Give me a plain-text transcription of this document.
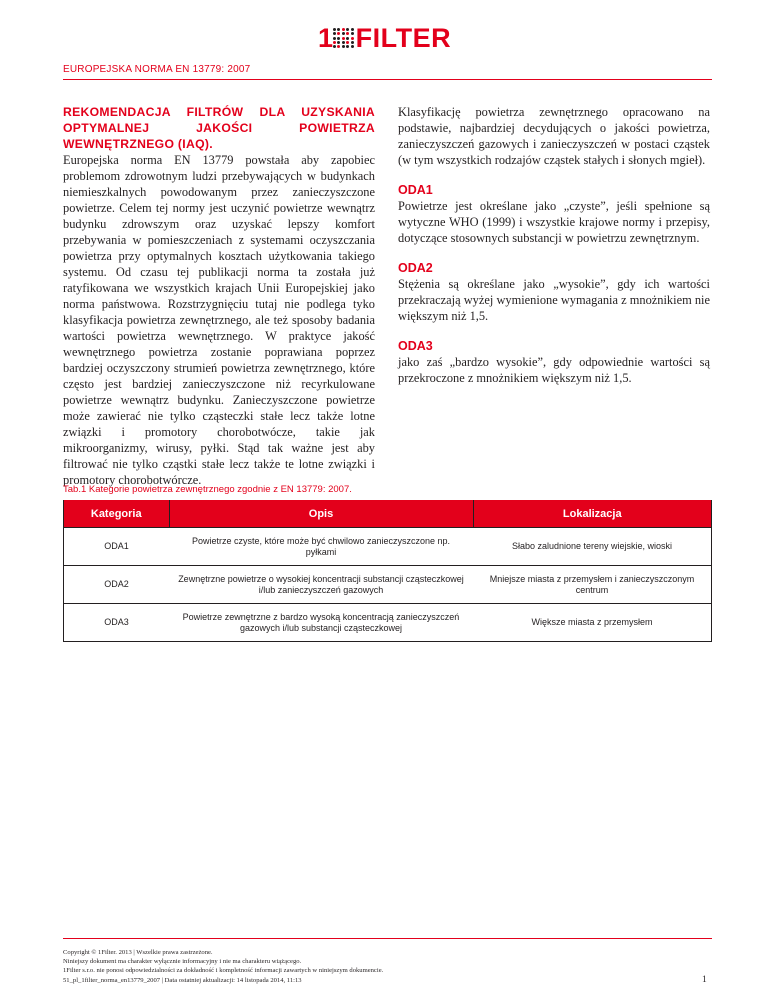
1 FILTER
EUROPEJSKA NORMA EN 13779: 2007
REKOMENDACJA FILTRÓW DLA UZYSKANIA OPTYMALNEJ JAKOŚCI POWIETRZA WEWNĘTRZNEGO (IAQ).

Europejska norma EN 13779 powstała aby zapobiec problemom zdrowotnym ludzi przebywających w budynkach niemieszkalnych powodowanym przez zanieczyszczone powietrze. Celem tej normy jest uczynić powietrze wewnątrz budynku zdrowszym oraz uzyskać lepszy komfort przebywania w pomieszczeniach z systemami oczyszczania powietrza przy optymalnych kosztach użytkowania takiego systemu. Od czasu tej publikacji norma ta została już ratyfikowana we wszystkich krajach Unii Europejskiej jako norma państwowa. Rozstrzygnięciu tutaj nie podlega tyko klasyfikacja powietrza zewnętrznego, ale też sposoby badania wartości powietrza wewnętrznego. W praktyce jakość wewnętrznego powietrza zostanie poprawiana poprzez bardziej oczyszczony strumień powietrza zewnętrznego, które często jest bardziej zanieczyszczone niż recyrkulowane powietrze wewnątrz budynku. Zanieczyszczone powietrze może zawierać nie tylko cząsteczki stałe lecz także lotne związki i promotory chorobotwócze, takie jak mikroorganizmy, wirusy, pyłki. Stąd tak ważne jest aby filtrować nie tylko cząstki stałe lecz także te lotne związki i promotory chorobotwórcze.

Klasyfikację powietrza zewnętrznego opracowano na podstawie, najbardziej decydujących o jakości powietrza, zanieczyszczeń gazowych i zanieczyszczeń w postaci cząstek (w tym wszystkich rodzajów cząstek stałych i słonych mgieł).

ODA1

Powietrze jest określane jako „czyste”, jeśli spełnione są wytyczne WHO (1999) i wszystkie krajowe normy i przepisy, dotyczące stosownych substancji w powietrzu zewnętrznym.

ODA2

Stężenia są określane jako „wysokie”, gdy ich wartości przekraczają wyżej wymienione wymagania z mnożnikiem nie większym niż 1,5.

ODA3

jako zaś „bardzo wysokie”, gdy odpowiednie wartości są przekroczone z mnożnikiem większym niż 1,5.

Tab.1 Kategorie powietrza zewnętrznego zgodnie z EN 13779: 2007.
Kategoria	Opis	Lokalizacja
ODA1	Powietrze czyste, które może być chwilowo zanieczyszczone np. pyłkami	Słabo zaludnione tereny wiejskie, wioski
ODA2	Zewnętrzne powietrze o wysokiej koncentracji substancji cząsteczkowej i/lub zanieczyszczeń gazowych	Mniejsze miasta z przemysłem i zanieczyszczonym centrum
ODA3	Powietrze zewnętrzne z bardzo wysoką koncentracją zanieczyszczeń gazowych i/lub substancji cząsteczkowej	Większe miasta z przemysłem
Copyright © 1Filter. 2013 | Wszelkie prawa zastrzeżone.
Niniejszy dokument ma charakter wyłącznie informacyjny i nie ma charakteru wiążącego.
1Filter s.r.o. nie ponosi odpowiedzialności za dokładność i kompletność informacji zawartych w niniejszym dokumencie.
51_pl_1filter_norma_en13779_2007 | Data ostatniej aktualizacji: 14 listopada 2014, 11:13	1
